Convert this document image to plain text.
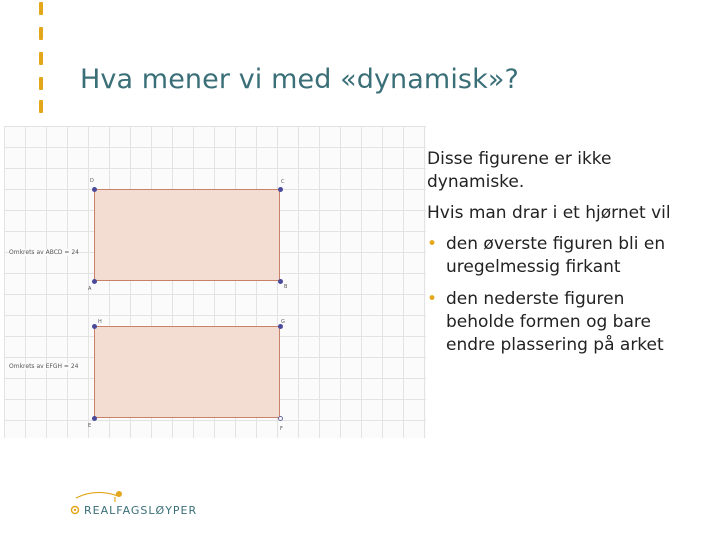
Hva mener vi med «dynamisk»?
D	C
A	B
Omkrets av ABCD = 24
H	G
E	F
Omkrets av EFGH = 24

Disse figurene er ikke dynamiske.

Hvis man drar i et hjørnet vil

• den øverste figuren bli en uregelmessig firkant
• den nederste figuren beholde formen og bare endre plassering på arket
REALFAGSLØYPER
